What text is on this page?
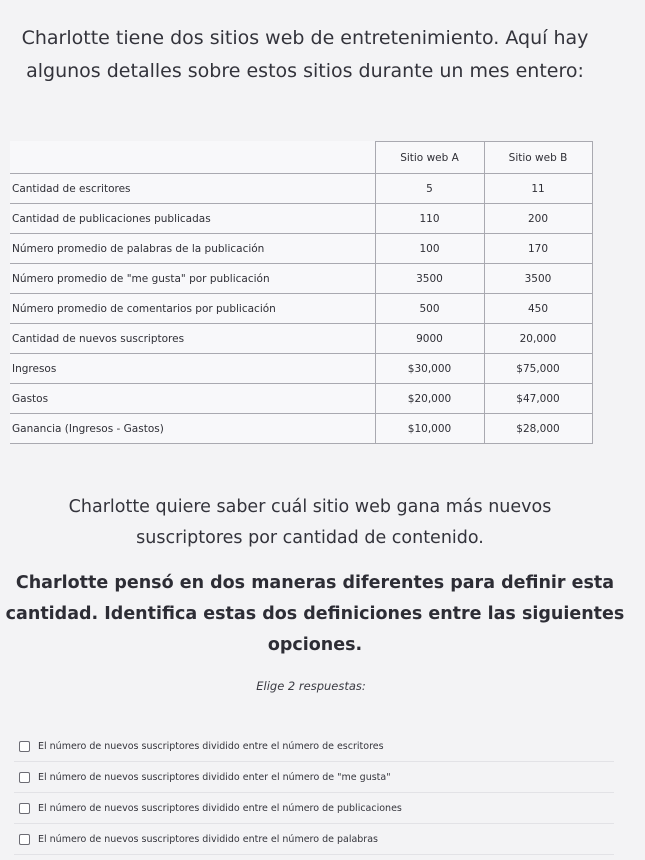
Charlotte tiene dos sitios web de entretenimiento. Aquí hay
algunos detalles sobre estos sitios durante un mes entero:
	Sitio web A	Sitio web B
Cantidad de escritores	5	11
Cantidad de publicaciones publicadas	110	200
Número promedio de palabras de la publicación	100	170
Número promedio de "me gusta" por publicación	3500	3500
Número promedio de comentarios por publicación	500	450
Cantidad de nuevos suscriptores	9000	20,000
Ingresos	$30,000	$75,000
Gastos	$20,000	$47,000
Ganancia (Ingresos - Gastos)	$10,000	$28,000
Charlotte quiere saber cuál sitio web gana más nuevos
suscriptores por cantidad de contenido.
Charlotte pensó en dos maneras diferentes para definir esta
cantidad. Identifica estas dos definiciones entre las siguientes
opciones.
Elige 2 respuestas:
El número de nuevos suscriptores dividido entre el número de escritores
El número de nuevos suscriptores dividido enter el número de "me gusta"
El número de nuevos suscriptores dividido entre el número de publicaciones
El número de nuevos suscriptores dividido entre el número de palabras
